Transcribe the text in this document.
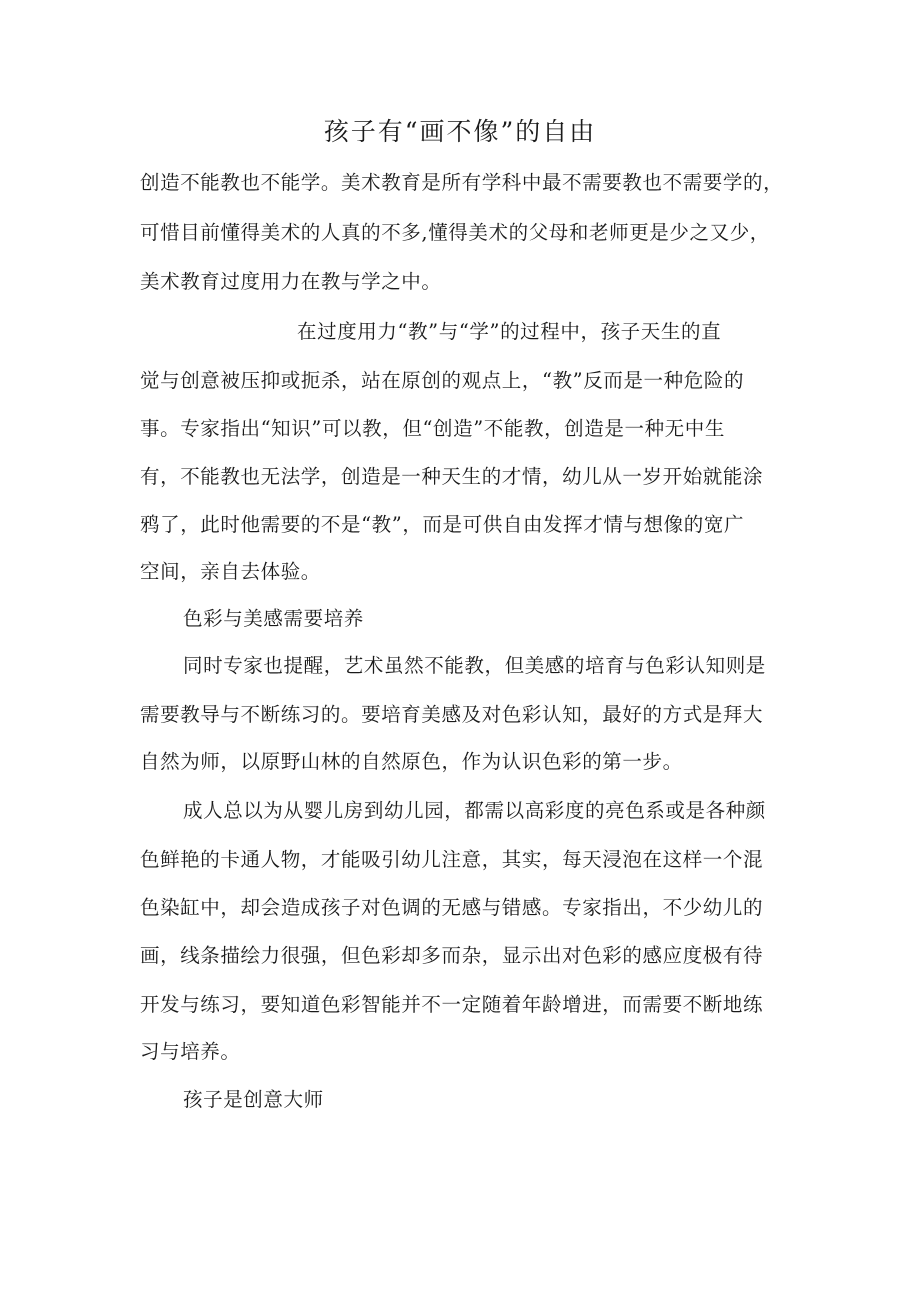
孩子有“画不像”的自由
创造不能教也不能学。美术教育是所有学科中最不需要教也不需要学的，
可惜目前懂得美术的人真的不多,懂得美术的父母和老师更是少之又少，
美术教育过度用力在教与学之中。
在过度用力“教”与“学”的过程中，孩子天生的直
觉与创意被压抑或扼杀，站在原创的观点上，“教”反而是一种危险的
事。专家指出“知识”可以教，但“创造”不能教，创造是一种无中生
有，不能教也无法学，创造是一种天生的才情，幼儿从一岁开始就能涂
鸦了，此时他需要的不是“教”，而是可供自由发挥才情与想像的宽广
空间，亲自去体验。
色彩与美感需要培养
同时专家也提醒，艺术虽然不能教，但美感的培育与色彩认知则是
需要教导与不断练习的。要培育美感及对色彩认知，最好的方式是拜大
自然为师，以原野山林的自然原色，作为认识色彩的第一步。
成人总以为从婴儿房到幼儿园，都需以高彩度的亮色系或是各种颜
色鲜艳的卡通人物，才能吸引幼儿注意，其实，每天浸泡在这样一个混
色染缸中，却会造成孩子对色调的无感与错感。专家指出，不少幼儿的
画，线条描绘力很强，但色彩却多而杂，显示出对色彩的感应度极有待
开发与练习，要知道色彩智能并不一定随着年龄增进，而需要不断地练
习与培养。
孩子是创意大师
